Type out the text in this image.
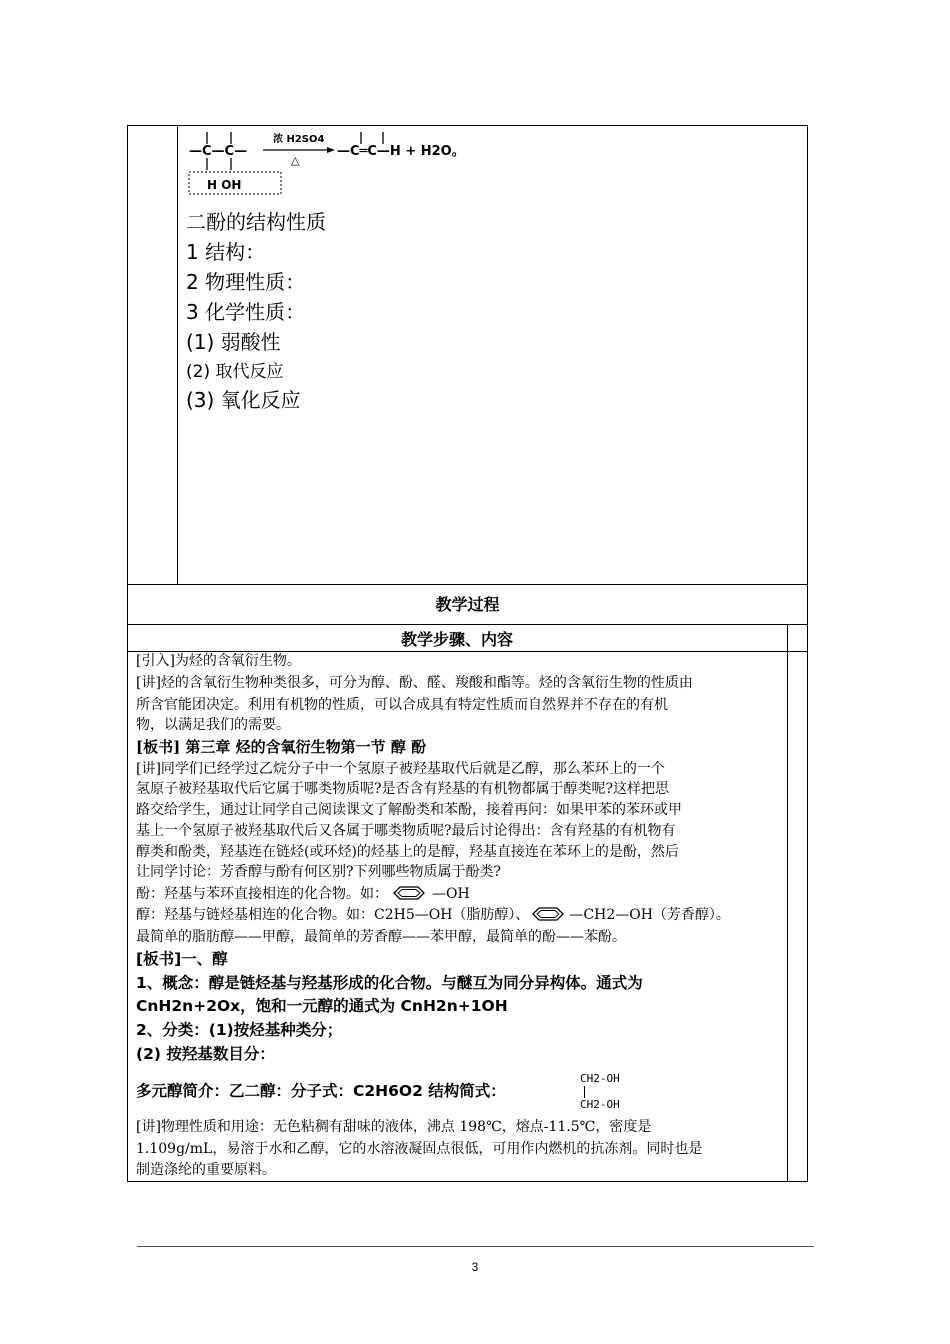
—C—C—
H OH
浓 H2SO4
△
—C═C—H + H2O。
二酚的结构性质
1 结构：
2 物理性质：
3 化学性质：
(1) 弱酸性
(2) 取代反应
(3) 氧化反应
教学过程
教学步骤、内容
[引入]为烃的含氧衍生物。
[讲]烃的含氧衍生物种类很多，可分为醇、酚、醛、羧酸和酯等。烃的含氧衍生物的性质由
所含官能团决定。利用有机物的性质，可以合成具有特定性质而自然界并不存在的有机
物，以满足我们的需要。
[板书] 第三章 烃的含氧衍生物第一节 醇 酚
[讲]同学们已经学过乙烷分子中一个氢原子被羟基取代后就是乙醇，那么苯环上的一个
氢原子被羟基取代后它属于哪类物质呢?是否含有羟基的有机物都属于醇类呢?这样把思
路交给学生，通过让同学自己阅读课文了解酚类和苯酚，接着再问：如果甲苯的苯环或甲
基上一个氢原子被羟基取代后又各属于哪类物质呢?最后讨论得出：含有羟基的有机物有
醇类和酚类，羟基连在链烃(或环烃)的烃基上的是醇，羟基直接连在苯环上的是酚，然后
让同学讨论：芳香醇与酚有何区别?下列哪些物质属于酚类?
酚：羟基与苯环直接相连的化合物。如：	—OH
醇：羟基与链烃基相连的化合物。如：C2H5—OH（脂肪醇）、	—CH2—OH（芳香醇）。
最简单的脂肪醇——甲醇，最简单的芳香醇——苯甲醇，最简单的酚——苯酚。
[板书]一、醇
1、概念：醇是链烃基与羟基形成的化合物。与醚互为同分异构体。通式为
CnH2n+2Ox，饱和一元醇的通式为 CnH2n+1OH
2、分类：(1)按烃基种类分；
(2) 按羟基数目分：
多元醇简介：乙二醇：分子式：C2H6O2 结构简式：
CH2-OH
CH2-OH
[讲]物理性质和用途：无色粘稠有甜味的液体，沸点 198℃，熔点-11.5℃，密度是
1.109g/mL，易溶于水和乙醇，它的水溶液凝固点很低，可用作内燃机的抗冻剂。同时也是
制造涤纶的重要原料。
3
